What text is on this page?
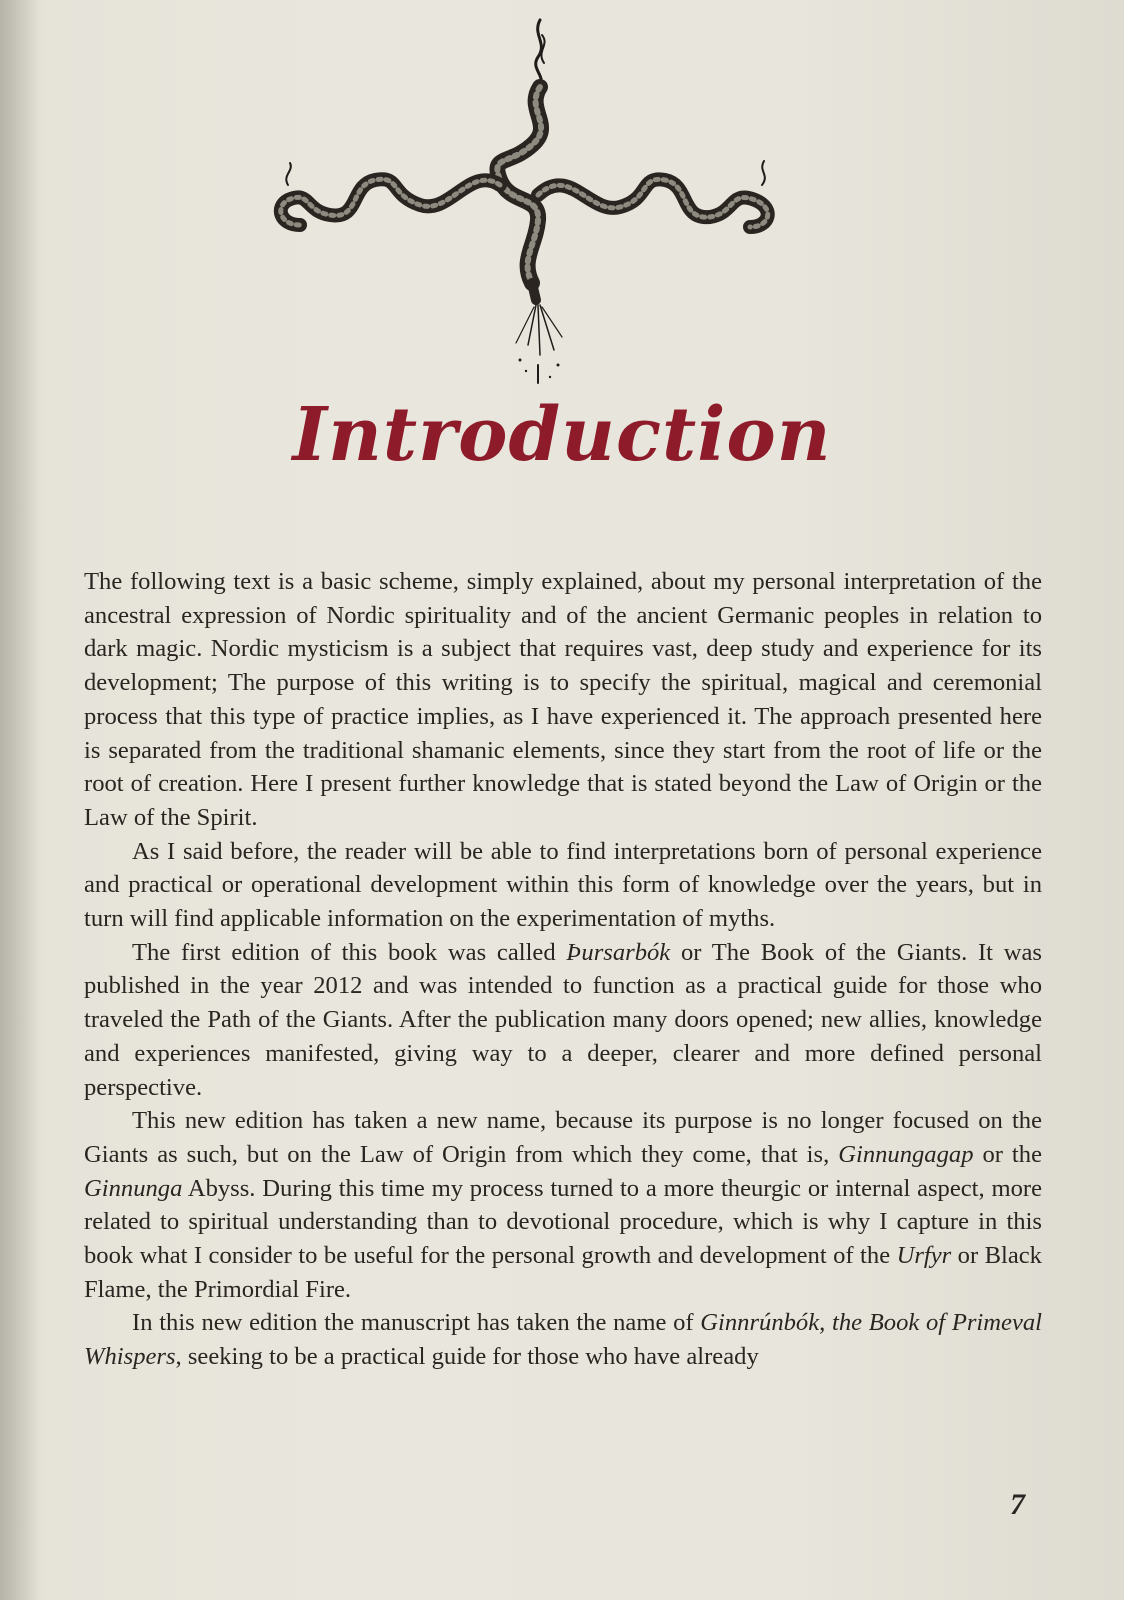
Introduction

The following text is a basic scheme, simply explained, about my personal interpretation of the ancestral expression of Nordic spirituality and of the ancient Germanic peoples in relation to dark magic. Nordic mysticism is a subject that requires vast, deep study and experience for its development; The purpose of this writing is to specify the spiritual, magical and ceremonial process that this type of practice implies, as I have experienced it. The approach presented here is separated from the traditional shamanic elements, since they start from the root of life or the root of creation. Here I present further knowledge that is stated beyond the Law of Origin or the Law of the Spirit.

As I said before, the reader will be able to find interpretations born of personal experience and practical or operational development within this form of knowledge over the years, but in turn will find applicable information on the experimentation of myths.

The first edition of this book was called Þursarbók or The Book of the Giants. It was published in the year 2012 and was intended to function as a practical guide for those who traveled the Path of the Giants. After the publication many doors opened; new allies, knowledge and experiences manifested, giving way to a deeper, clearer and more defined personal perspective.

This new edition has taken a new name, because its purpose is no longer focused on the Giants as such, but on the Law of Origin from which they come, that is, Ginnungagap or the Ginnunga Abyss. During this time my process turned to a more theurgic or internal aspect, more related to spiritual understanding than to devotional procedure, which is why I capture in this book what I consider to be useful for the personal growth and development of the Urfyr or Black Flame, the Primordial Fire.

In this new edition the manuscript has taken the name of Ginnrúnbók, the Book of Primeval Whispers, seeking to be a practical guide for those who have already

7
